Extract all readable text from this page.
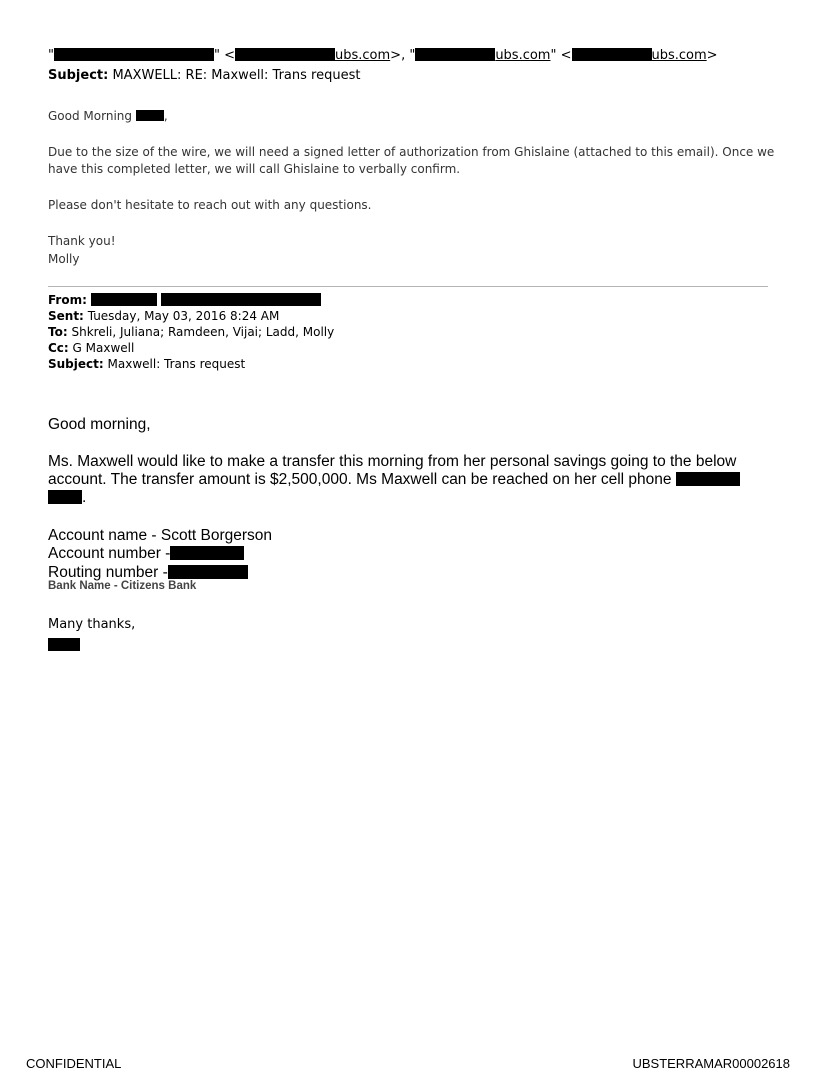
"	" <	ubs.com>, "	ubs.com" <	ubs.com>
Subject: MAXWELL: RE: Maxwell: Trans request
Good Morning	,
Due to the size of the wire, we will need a signed letter of authorization from Ghislaine (attached to this email). Once we have this completed letter, we will call Ghislaine to verbally confirm.
Please don't hesitate to reach out with any questions.
Thank you!
Molly
From:
Sent: Tuesday, May 03, 2016 8:24 AM
To: Shkreli, Juliana; Ramdeen, Vijai; Ladd, Molly
Cc: G Maxwell
Subject: Maxwell: Trans request
Good morning,
Ms. Maxwell would like to make a transfer this morning from her personal savings going to the below account. The transfer amount is $2,500,000. Ms Maxwell can be reached on her cell phone  .
Account name - Scott Borgerson
Account number -
Routing number -
Bank Name - Citizens Bank
Many thanks,
CONFIDENTIAL	UBSTERRAMAR00002618
